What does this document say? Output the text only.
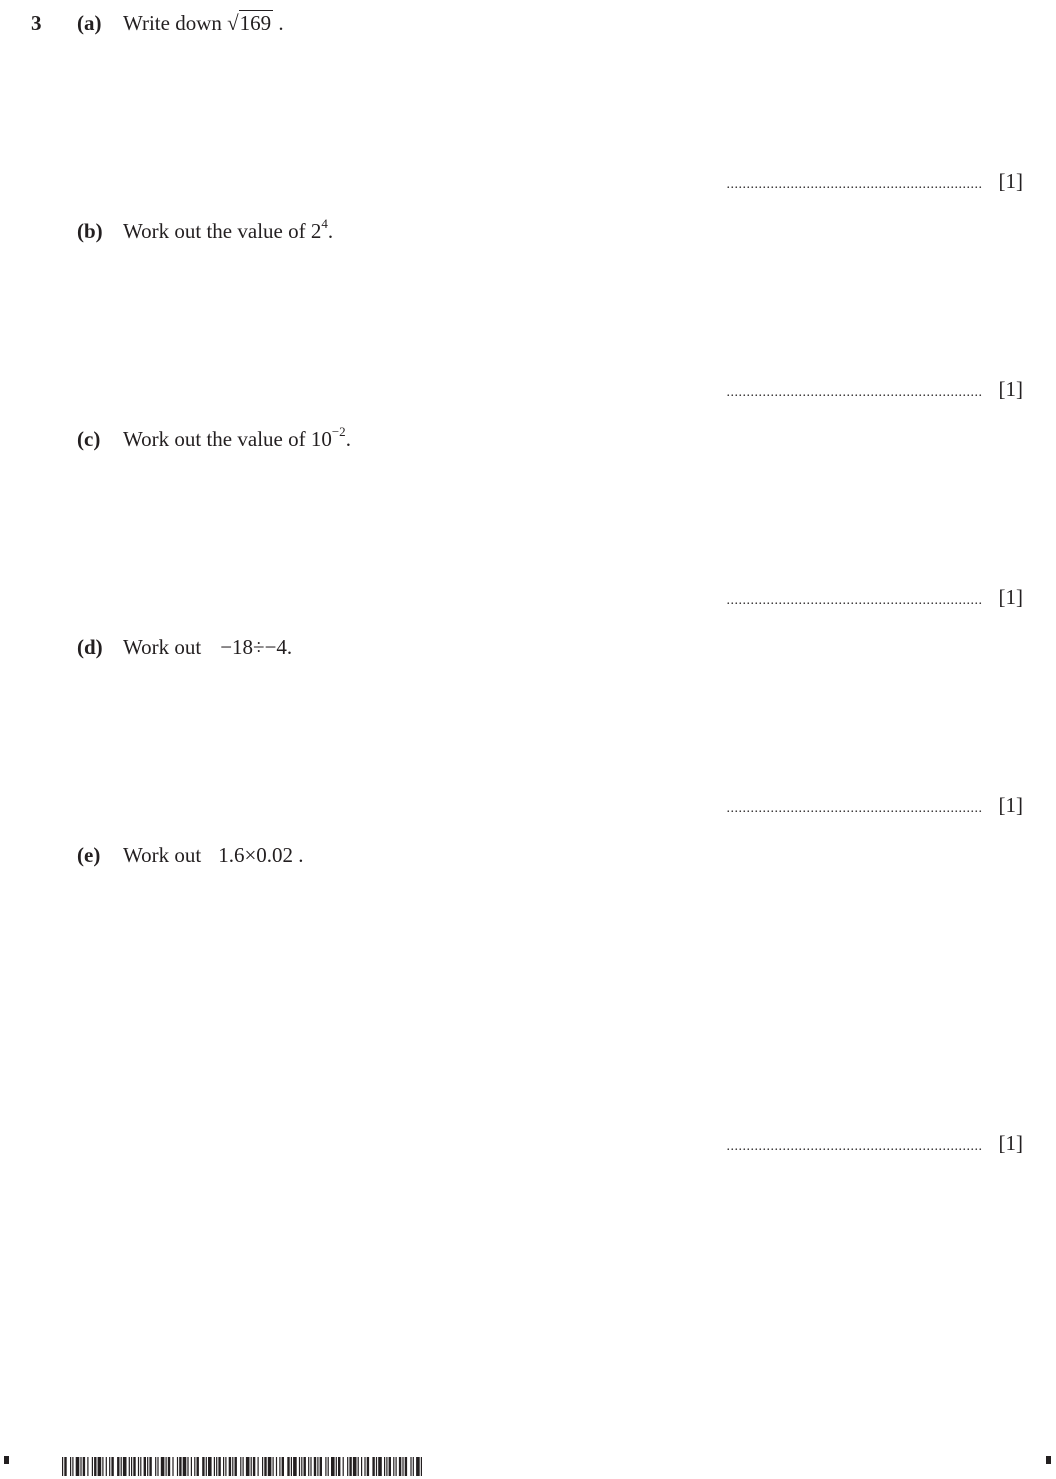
3 (a) Write down √169 .
................................................................ [1]
(b) Work out the value of $2^4$.
................................................................ [1]
(c) Work out the value of $10^{-2}$.
................................................................ [1]
(d) Work out −18÷−4.
................................................................ [1]
(e) Work out 1.6×0.02 .
................................................................ [1]
